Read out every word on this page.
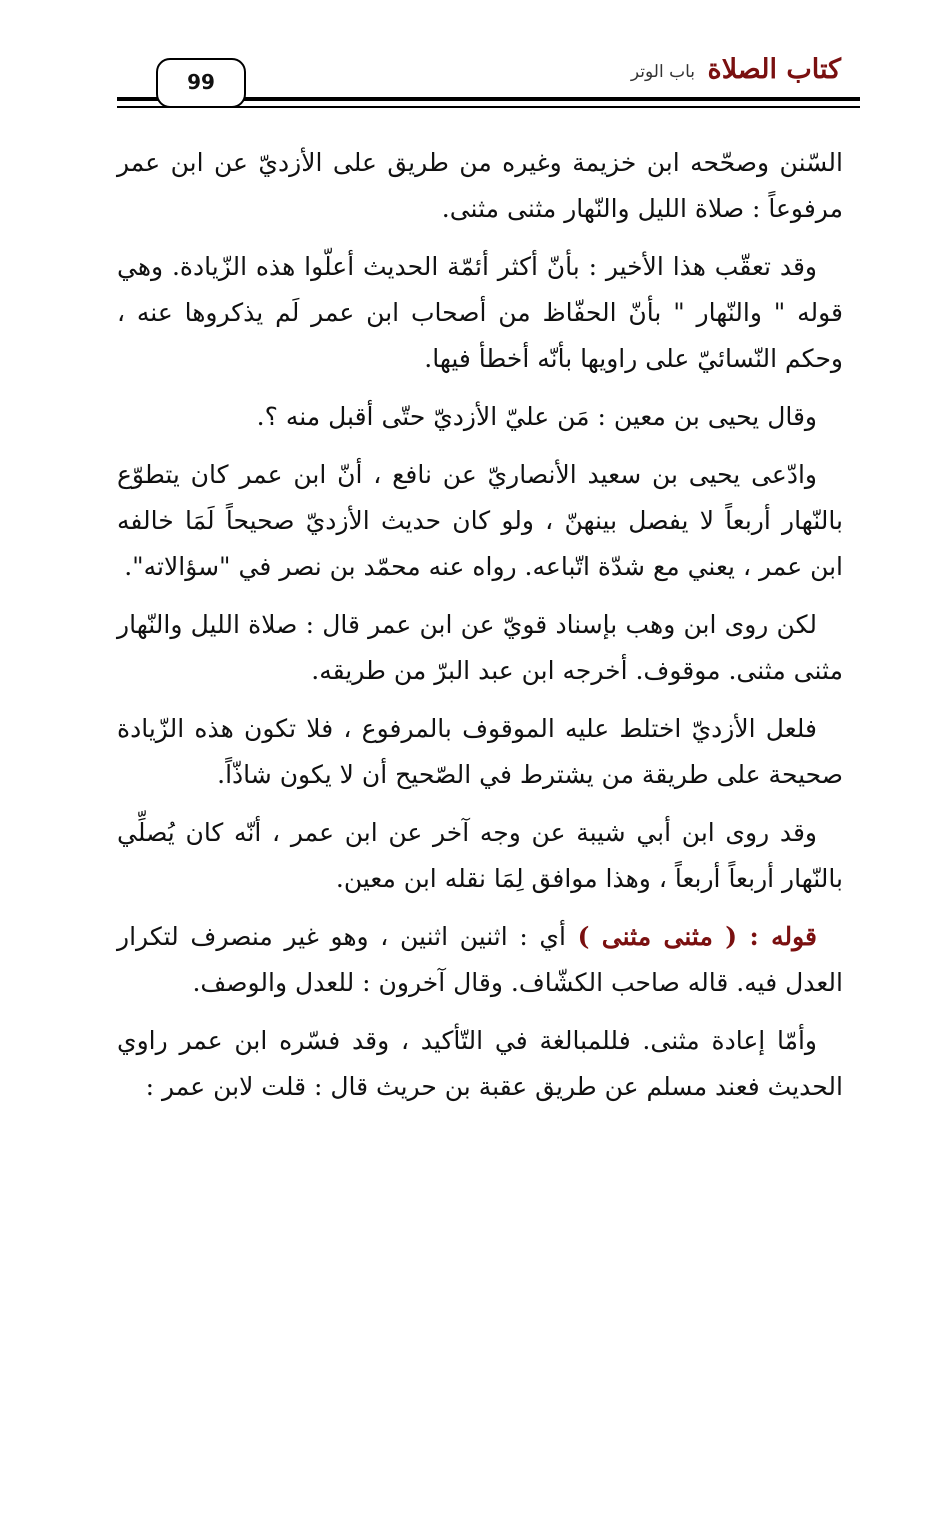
كتاب الصلاة
باب الوتر
99

السّنن وصحّحه ابن خزيمة وغيره من طريق على الأزديّ عن ابن عمر مرفوعاً : صلاة الليل والنّهار مثنى مثنى.

وقد تعقّب هذا الأخير : بأنّ أكثر أئمّة الحديث أعلّوا هذه الزّيادة. وهي قوله " والنّهار " بأنّ الحفّاظ من أصحاب ابن عمر لَم يذكروها عنه ، وحكم النّسائيّ على راويها بأنّه أخطأ فيها.

وقال يحيى بن معين : مَن عليّ الأزديّ حتّى أقبل منه ؟.

وادّعى يحيى بن سعيد الأنصاريّ عن نافع ، أنّ ابن عمر كان يتطوّع بالنّهار أربعاً لا يفصل بينهنّ ، ولو كان حديث الأزديّ صحيحاً لَمَا خالفه ابن عمر ، يعني مع شدّة اتّباعه. رواه عنه محمّد بن نصر في "سؤالاته".

لكن روى ابن وهب بإسناد قويّ عن ابن عمر قال : صلاة الليل والنّهار مثنى مثنى. موقوف. أخرجه ابن عبد البرّ من طريقه.

فلعل الأزديّ اختلط عليه الموقوف بالمرفوع ، فلا تكون هذه الزّيادة صحيحة على طريقة من يشترط في الصّحيح أن لا يكون شاذّاً.

وقد روى ابن أبي شيبة عن وجه آخر عن ابن عمر ، أنّه كان يُصلِّي بالنّهار أربعاً أربعاً ، وهذا موافق لِمَا نقله ابن معين.

قوله : ( مثنى مثنى ) أي : اثنين اثنين ، وهو غير منصرف لتكرار العدل فيه. قاله صاحب الكشّاف. وقال آخرون : للعدل والوصف.

وأمّا إعادة مثنى. فللمبالغة في التّأكيد ، وقد فسّره ابن عمر راوي الحديث فعند مسلم عن طريق عقبة بن حريث قال : قلت لابن عمر :
